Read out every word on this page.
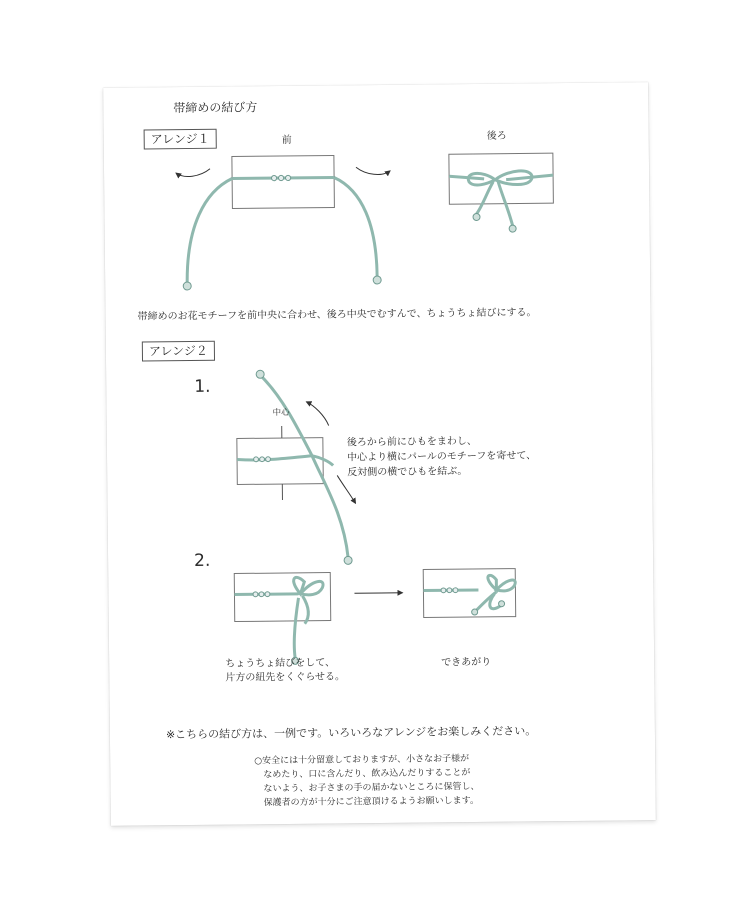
帯締めの結び方
アレンジ１	前	後ろ
帯締めのお花モチーフを前中央に合わせ、後ろ中央でむすんで、ちょうちょ結びにする。
アレンジ２
1.
中心
後ろから前にひもをまわし、
中心より横にパールのモチーフを寄せて、
反対側の横でひもを結ぶ。
2.
ちょうちょ結びをして、
片方の紐先をくぐらせる。
できあがり
※こちらの結び方は、一例です。いろいろなアレンジをお楽しみください。
○安全には十分留意しておりますが、小さなお子様が
なめたり、口に含んだり、飲み込んだりすることが
ないよう、お子さまの手の届かないところに保管し、
保護者の方が十分にご注意頂けるようお願いします。
